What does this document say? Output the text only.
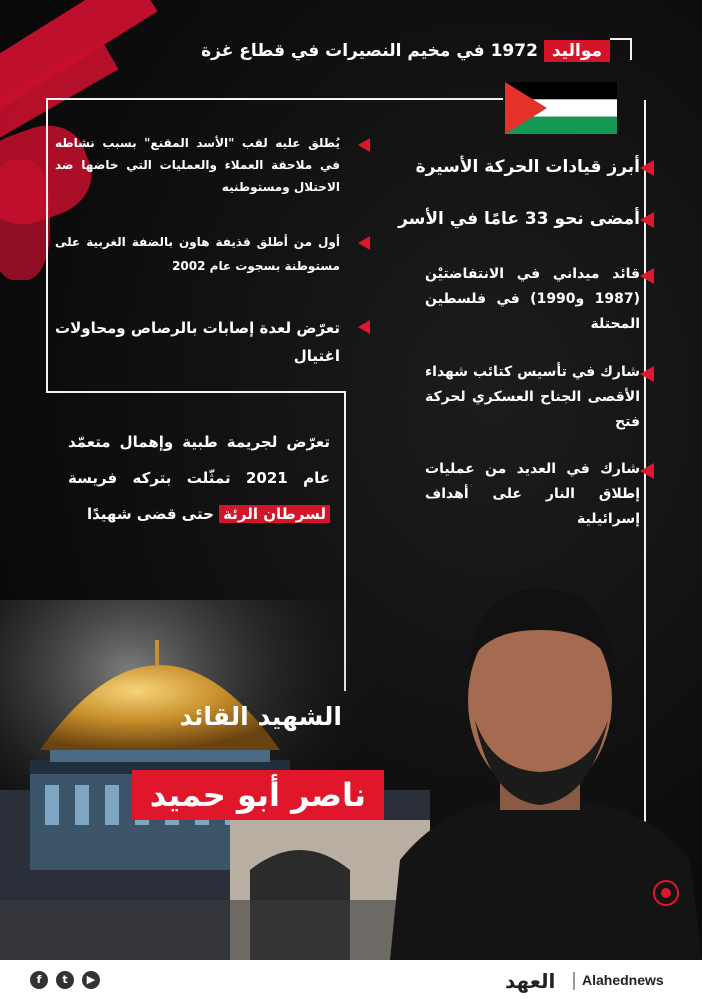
مواليد 1972 في مخيم النصيرات في قطاع غزة
أبرز قيادات الحركة الأسيرة
أمضى نحو 33 عامًا في الأسر
قائد ميداني في الانتفاضتيْن (1987 و1990) في فلسطين المحتلة
شارك في تأسيس كتائب شهداء الأقصى الجناح العسكري لحركة فتح
شارك في العديد من عمليات إطلاق النار على أهداف إسرائيلية
يُطلق عليه لقب "الأسد المقنع" بسبب نشاطه في ملاحقة العملاء والعمليات التي خاضها ضد الاحتلال ومستوطنيه
أول من أطلق قذيفة هاون بالضفة الغربية على مستوطنة بسجوت عام 2002
تعرّض لعدة إصابات بالرصاص ومحاولات اغتيال
تعرّض لجريمة طبية وإهمال متعمّد عام 2021 تمثّلت بتركه فريسة لسرطان الرئة حتى قضى شهيدًا
الشهيد القائد
ناصر أبو حميد
f	t	▶	العهد Alahednews
